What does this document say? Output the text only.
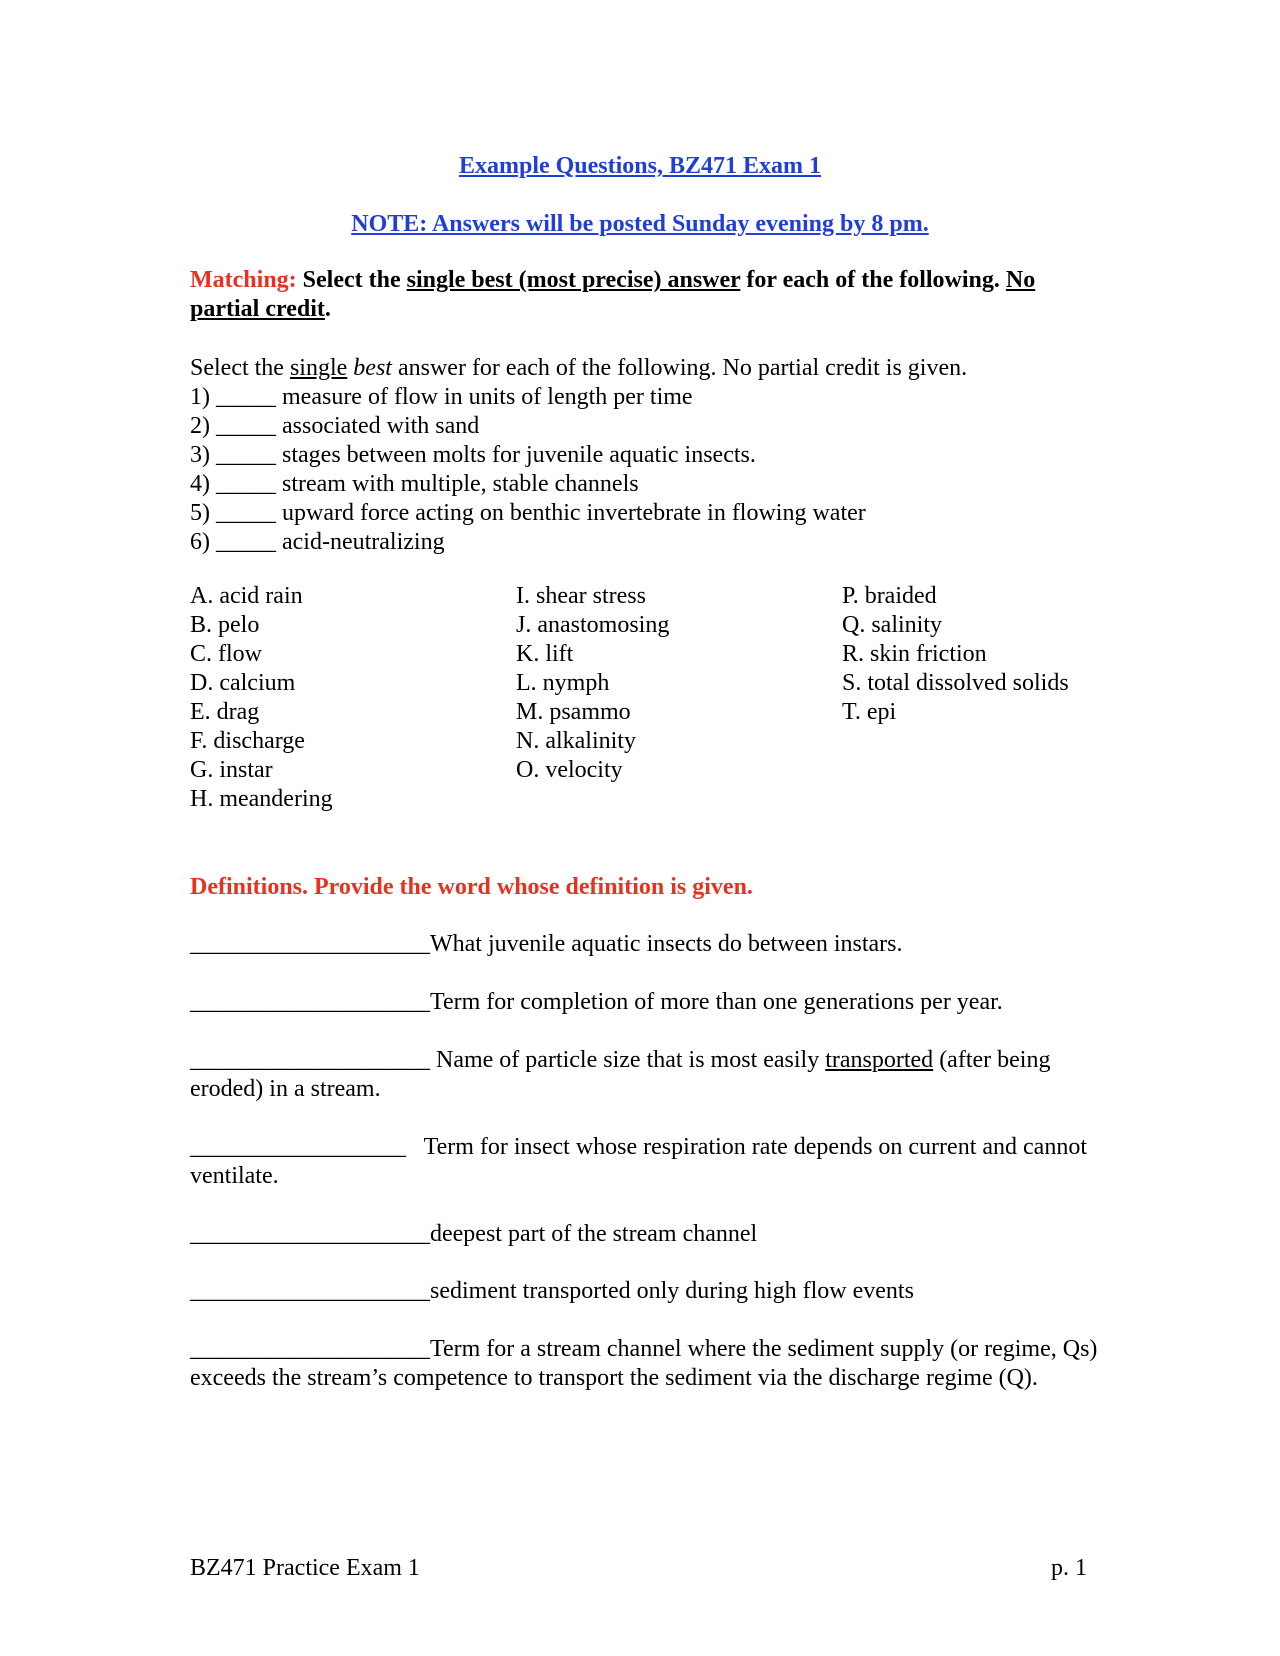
Example Questions, BZ471 Exam 1
NOTE: Answers will be posted Sunday evening by 8 pm.
Matching: Select the single best (most precise) answer for each of the following. No partial credit.
Select the single best answer for each of the following. No partial credit is given.
1) _____ measure of flow in units of length per time
2) _____ associated with sand
3) _____ stages between molts for juvenile aquatic insects.
4) _____ stream with multiple, stable channels
5) _____ upward force acting on benthic invertebrate in flowing water
6) _____ acid-neutralizing
A. acid rain
B. pelo
C. flow
D. calcium
E. drag
F. discharge
G. instar
H. meandering
I. shear stress
J. anastomosing
K. lift
L. nymph
M. psammo
N. alkalinity
O. velocity
P. braided
Q. salinity
R. skin friction
S. total dissolved solids
T. epi
Definitions. Provide the word whose definition is given.
____________________What juvenile aquatic insects do between instars.
____________________Term for completion of more than one generations per year.
____________________ Name of particle size that is most easily transported (after being eroded) in a stream.
__________________   Term for insect whose respiration rate depends on current and cannot ventilate.
____________________deepest part of the stream channel
____________________sediment transported only during high flow events
____________________Term for a stream channel where the sediment supply (or regime, Qs) exceeds the stream’s competence to transport the sediment via the discharge regime (Q).
BZ471 Practice Exam 1	p. 1
